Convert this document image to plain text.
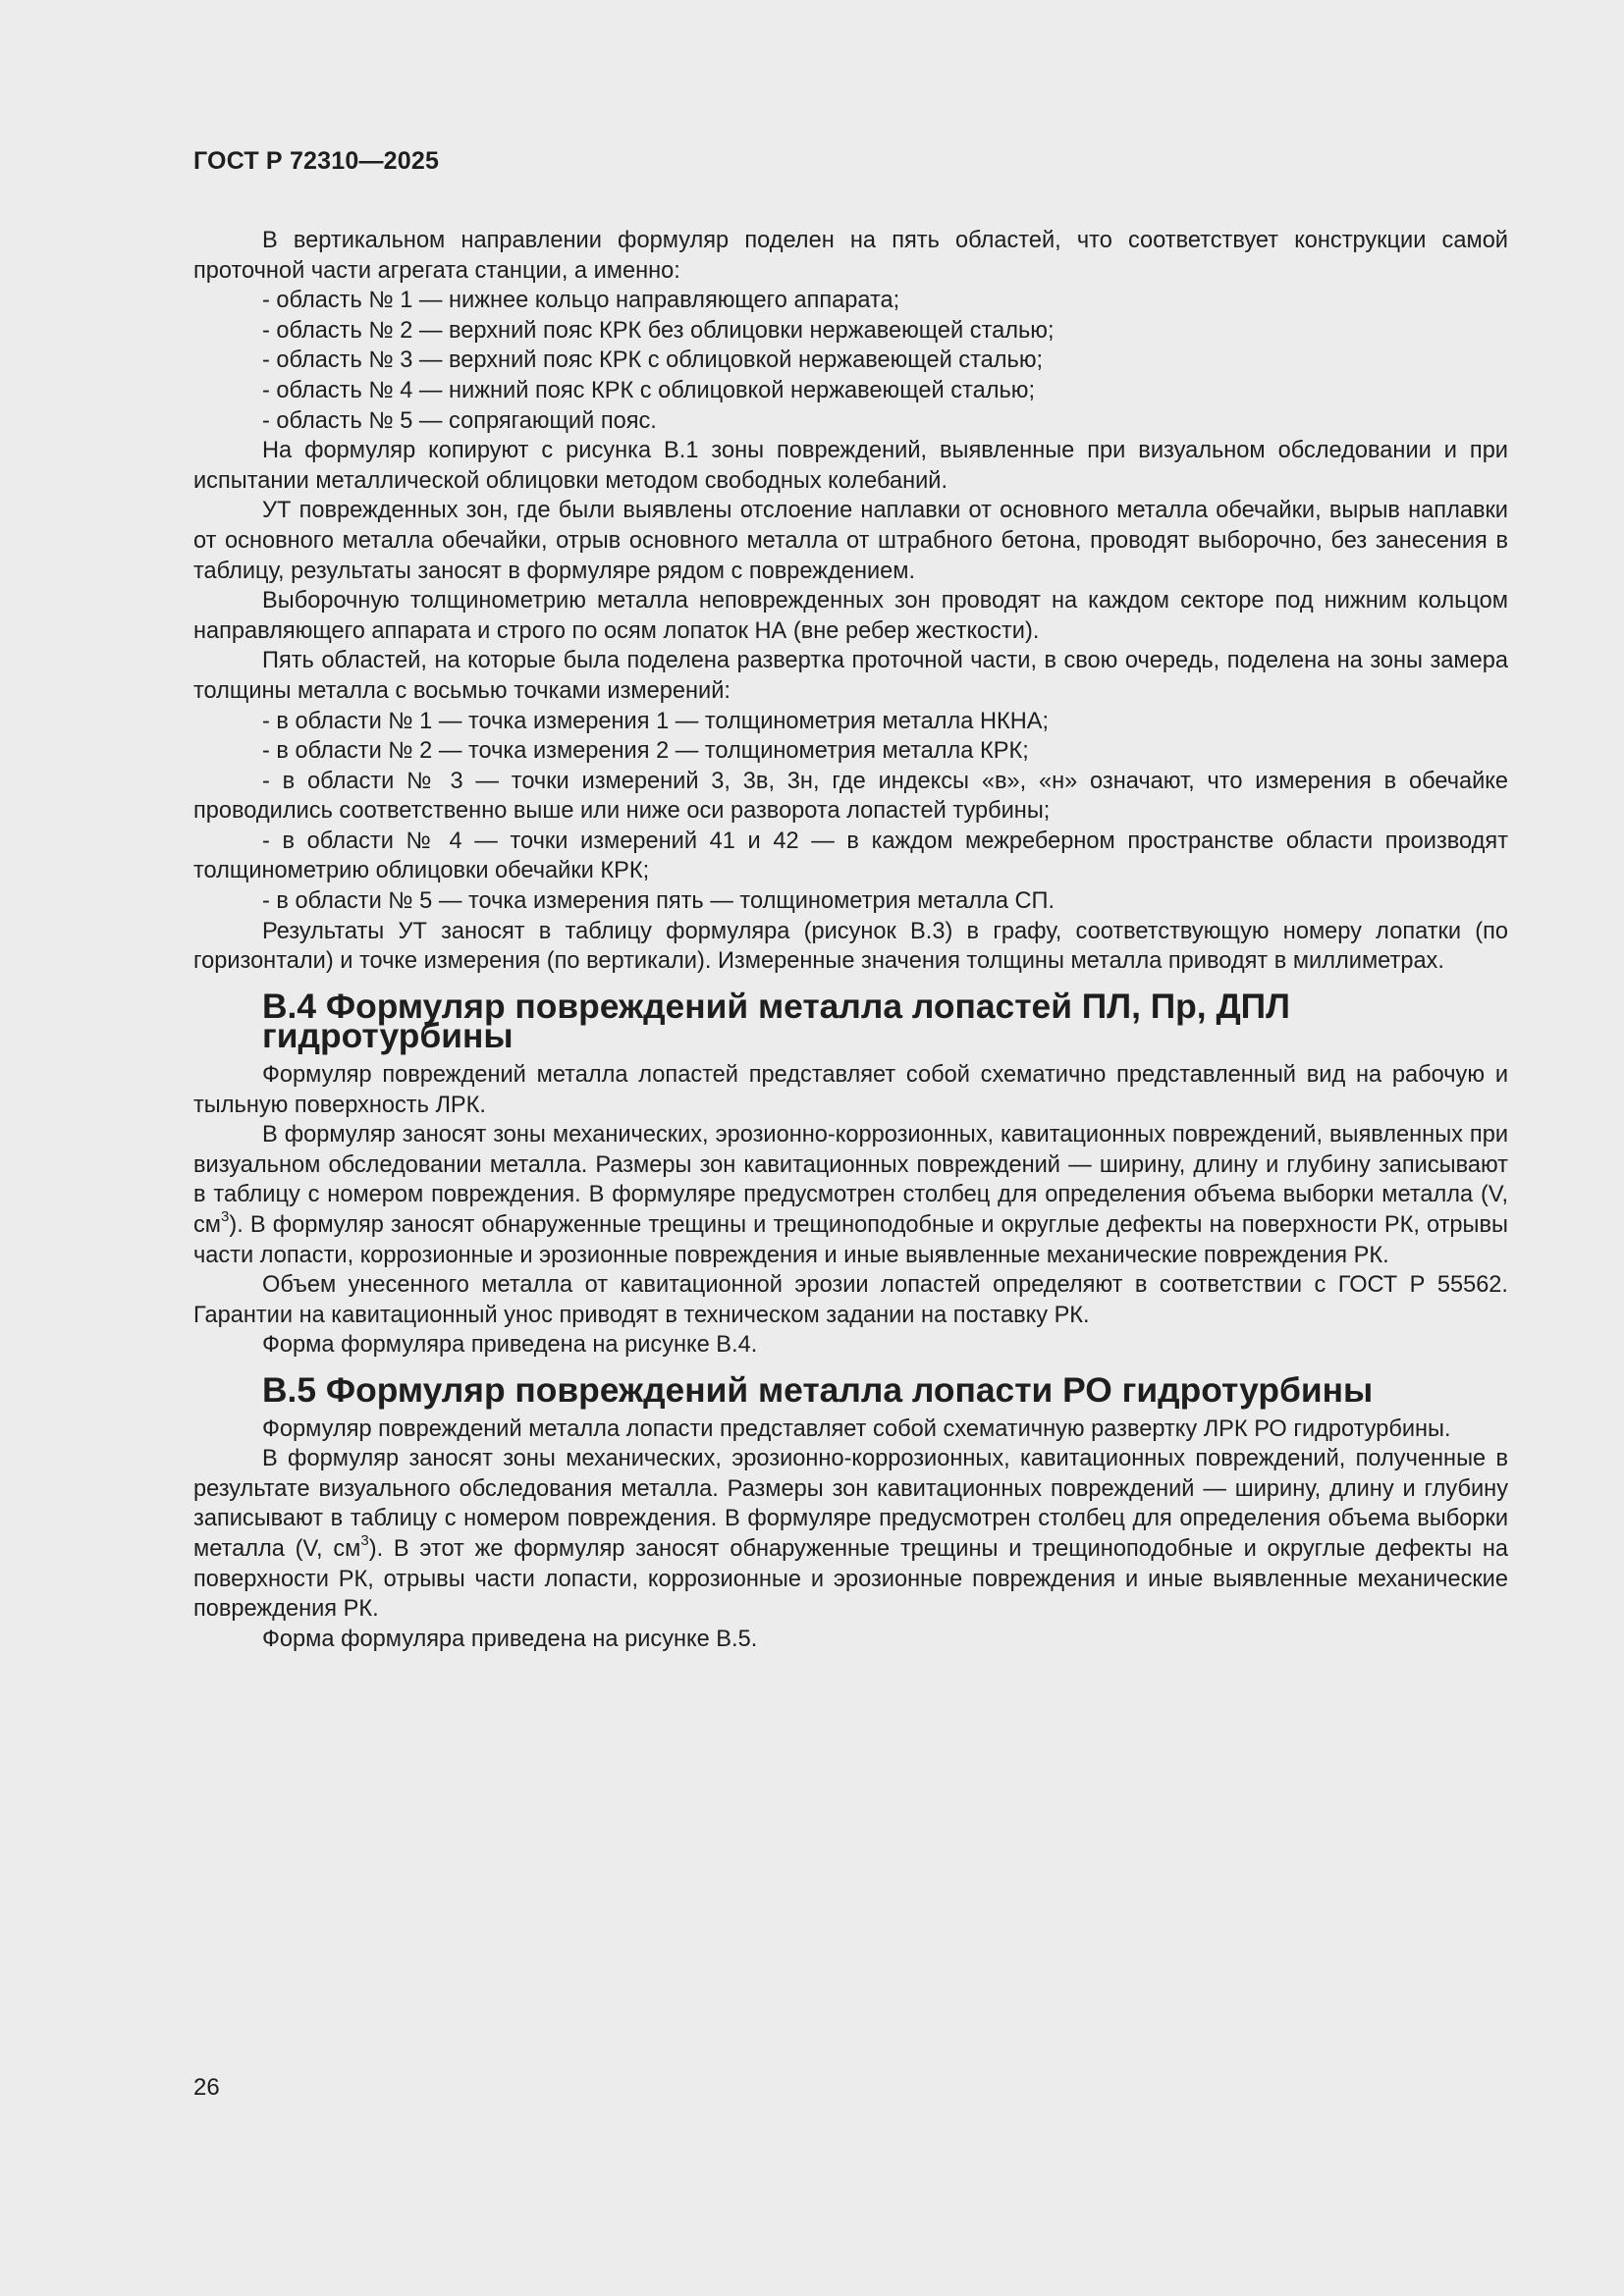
ГОСТ Р 72310—2025

В вертикальном направлении формуляр поделен на пять областей, что соответствует конструкции самой проточной части агрегата станции, а именно:

- область № 1 — нижнее кольцо направляющего аппарата;

- область № 2 — верхний пояс КРК без облицовки нержавеющей сталью;

- область № 3 — верхний пояс КРК с облицовкой нержавеющей сталью;

- область № 4 — нижний пояс КРК с облицовкой нержавеющей сталью;

- область № 5 — сопрягающий пояс.

На формуляр копируют с рисунка В.1 зоны повреждений, выявленные при визуальном обследовании и при испытании металлической облицовки методом свободных колебаний.

УТ поврежденных зон, где были выявлены отслоение наплавки от основного металла обечайки, вырыв наплавки от основного металла обечайки, отрыв основного металла от штрабного бетона, проводят выборочно, без занесения в таблицу, результаты заносят в формуляре рядом с повреждением.

Выборочную толщинометрию металла неповрежденных зон проводят на каждом секторе под нижним кольцом направляющего аппарата и строго по осям лопаток НА (вне ребер жесткости).

Пять областей, на которые была поделена развертка проточной части, в свою очередь, поделена на зоны замера толщины металла с восьмью точками измерений:

- в области № 1 — точка измерения 1 — толщинометрия металла НКНА;

- в области № 2 — точка измерения 2 — толщинометрия металла КРК;

- в области № 3 — точки измерений 3, 3в, 3н, где индексы «в», «н» означают, что измерения в обечайке проводились соответственно выше или ниже оси разворота лопастей турбины;

- в области № 4 — точки измерений 41 и 42 — в каждом межреберном пространстве области производят толщинометрию облицовки обечайки КРК;

- в области № 5 — точка измерения пять — толщинометрия металла СП.

Результаты УТ заносят в таблицу формуляра (рисунок В.3) в графу, соответствующую номеру лопатки (по горизонтали) и точке измерения (по вертикали). Измеренные значения толщины металла приводят в миллиметрах.

В.4 Формуляр повреждений металла лопастей ПЛ, Пр, ДПЛ гидротурбины

Формуляр повреждений металла лопастей представляет собой схематично представленный вид на рабочую и тыльную поверхность ЛРК.

В формуляр заносят зоны механических, эрозионно-коррозионных, кавитационных повреждений, выявленных при визуальном обследовании металла. Размеры зон кавитационных повреждений — ширину, длину и глубину записывают в таблицу с номером повреждения. В формуляре предусмотрен столбец для определения объема выборки металла (V, $см^3$). В формуляр заносят обнаруженные трещины и трещиноподобные и округлые дефекты на поверхности РК, отрывы части лопасти, коррозионные и эрозионные повреждения и иные выявленные механические повреждения РК.

Объем унесенного металла от кавитационной эрозии лопастей определяют в соответствии с ГОСТ Р 55562. Гарантии на кавитационный унос приводят в техническом задании на поставку РК.

Форма формуляра приведена на рисунке В.4.

В.5 Формуляр повреждений металла лопасти РО гидротурбины

Формуляр повреждений металла лопасти представляет собой схематичную развертку ЛРК РО гидротурбины.

В формуляр заносят зоны механических, эрозионно-коррозионных, кавитационных повреждений, полученные в результате визуального обследования металла. Размеры зон кавитационных повреждений — ширину, длину и глубину записывают в таблицу с номером повреждения. В формуляре предусмотрен столбец для определения объема выборки металла (V, $см^3$). В этот же формуляр заносят обнаруженные трещины и трещиноподобные и округлые дефекты на поверхности РК, отрывы части лопасти, коррозионные и эрозионные повреждения и иные выявленные механические повреждения РК.

Форма формуляра приведена на рисунке В.5.

26
